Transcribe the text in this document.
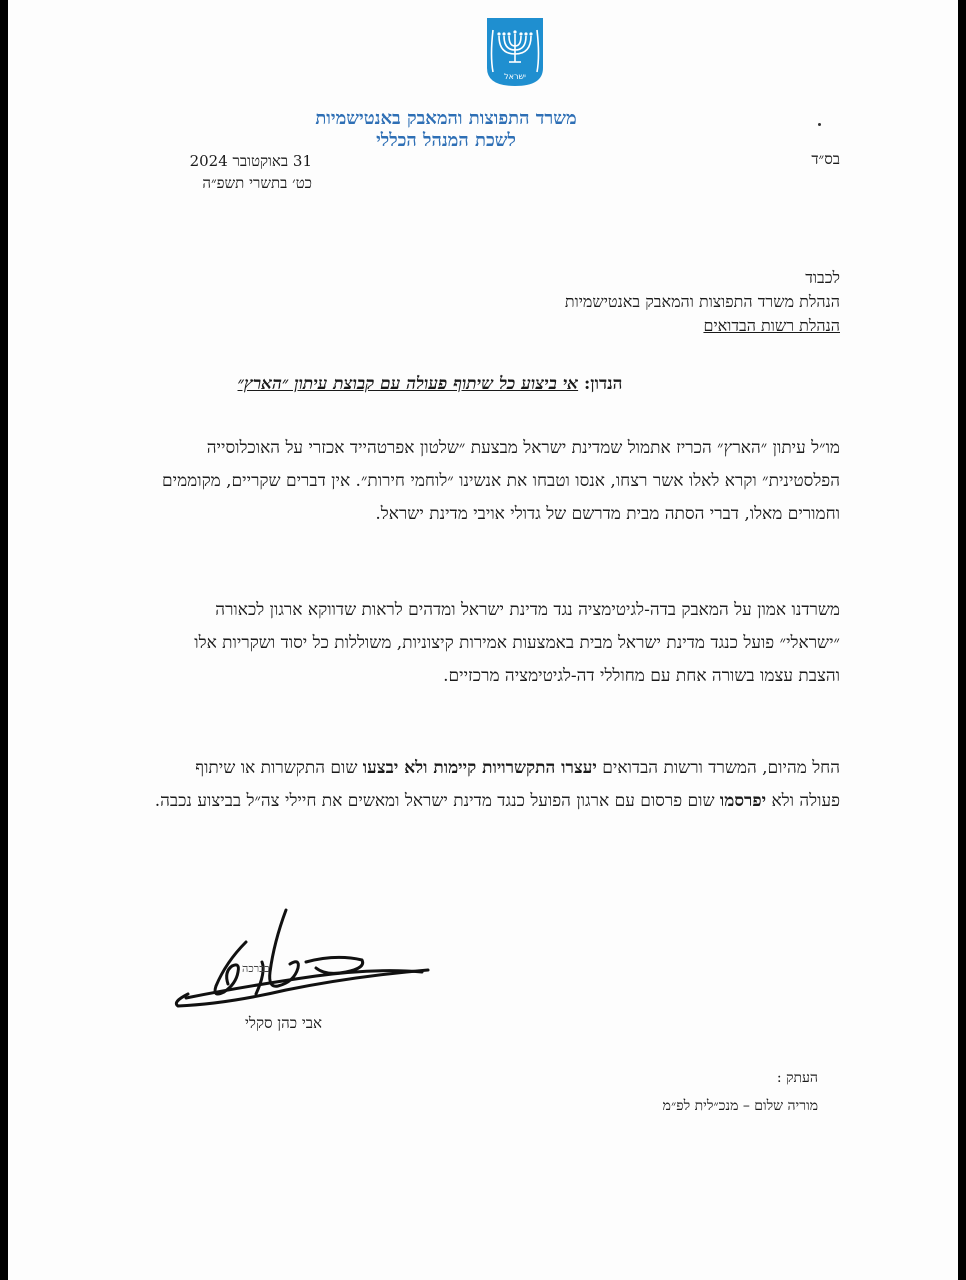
ישראל
משרד התפוצות והמאבק באנטישמיות
לשכת המנהל הכללי
בס״ד
31 באוקטובר 2024
כט׳ בתשרי תשפ״ה
לכבוד
הנהלת משרד התפוצות והמאבק באנטישמיות
הנהלת רשות הבדואים
הנדון: אי ביצוע כל שיתוף פעולה עם קבוצת עיתון ״הארץ״
מו״ל עיתון ״הארץ״ הכריז אתמול שמדינת ישראל מבצעת ״שלטון אפרטהייד אכזרי על האוכלוסייה הפלסטינית״ וקרא לאלו אשר רצחו, אנסו וטבחו את אנשינו ״לוחמי חירות״. אין דברים שקריים, מקוממים וחמורים מאלו, דברי הסתה מבית מדרשם של גדולי אויבי מדינת ישראל.
משרדנו אמון על המאבק בדה-לגיטימציה נגד מדינת ישראל ומדהים לראות שדווקא ארגון לכאורה ״ישראלי״ פועל כנגד מדינת ישראל מבית באמצעות אמירות קיצוניות, משוללות כל יסוד ושקריות אלו והצבת עצמו בשורה אחת עם מחוללי דה-לגיטימציה מרכזיים.
החל מהיום, המשרד ורשות הבדואים יעצרו התקשרויות קיימות ולא יבצעו שום התקשרות או שיתוף פעולה ולא יפרסמו שום פרסום עם ארגון הפועל כנגד מדינת ישראל ומאשים את חיילי צה״ל בביצוע נכבה.
בברכה
אבי כהן סקלי
העתק :
מוריה שלום – מנכ״לית לפ״מ
